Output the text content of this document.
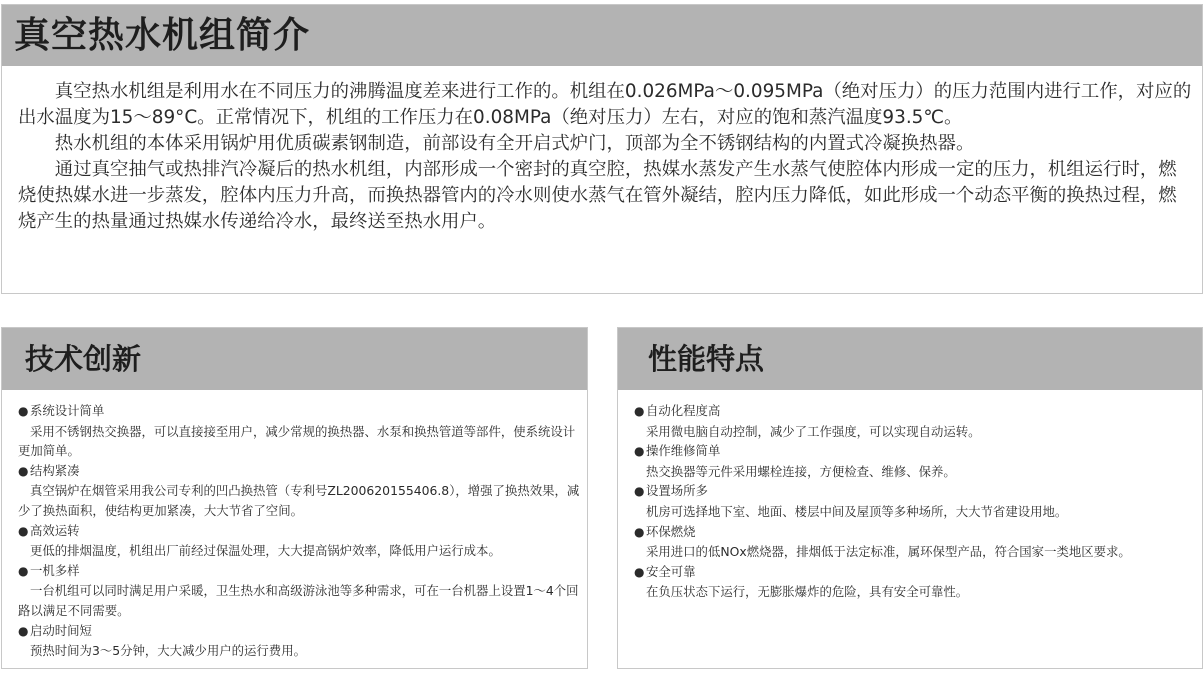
真空热水机组简介

真空热水机组是利用水在不同压力的沸腾温度差来进行工作的。机组在0.026MPa～0.095MPa（绝对压力）的压力范围内进行工作，对应的出水温度为15～89°C。正常情况下，机组的工作压力在0.08MPa（绝对压力）左右，对应的饱和蒸汽温度93.5℃。

热水机组的本体采用锅炉用优质碳素钢制造，前部设有全开启式炉门，顶部为全不锈钢结构的内置式冷凝换热器。

通过真空抽气或热排汽冷凝后的热水机组，内部形成一个密封的真空腔，热媒水蒸发产生水蒸气使腔体内形成一定的压力，机组运行时，燃烧使热媒水进一步蒸发，腔体内压力升高，而换热器管内的冷水则使水蒸气在管外凝结，腔内压力降低，如此形成一个动态平衡的换热过程，燃烧产生的热量通过热媒水传递给冷水，最终送至热水用户。

技术创新
● 系统设计简单
采用不锈钢热交换器，可以直接接至用户，减少常规的换热器、水泵和换热管道等部件，使系统设计更加简单。
● 结构紧凑
真空锅炉在烟管采用我公司专利的凹凸换热管（专利号ZL200620155406.8），增强了换热效果，减少了换热面积，使结构更加紧凑，大大节省了空间。
● 高效运转
更低的排烟温度，机组出厂前经过保温处理，大大提高锅炉效率，降低用户运行成本。
● 一机多样
一台机组可以同时满足用户采暖，卫生热水和高级游泳池等多种需求，可在一台机器上设置1～4个回路以满足不同需要。
● 启动时间短
预热时间为3～5分钟，大大减少用户的运行费用。
性能特点
● 自动化程度高
采用微电脑自动控制，减少了工作强度，可以实现自动运转。
● 操作维修简单
热交换器等元件采用螺栓连接，方便检查、维修、保养。
● 设置场所多
机房可选择地下室、地面、楼层中间及屋顶等多种场所，大大节省建设用地。
● 环保燃烧
采用进口的低NOx燃烧器，排烟低于法定标准，属环保型产品，符合国家一类地区要求。
● 安全可靠
在负压状态下运行，无膨胀爆炸的危险，具有安全可靠性。
